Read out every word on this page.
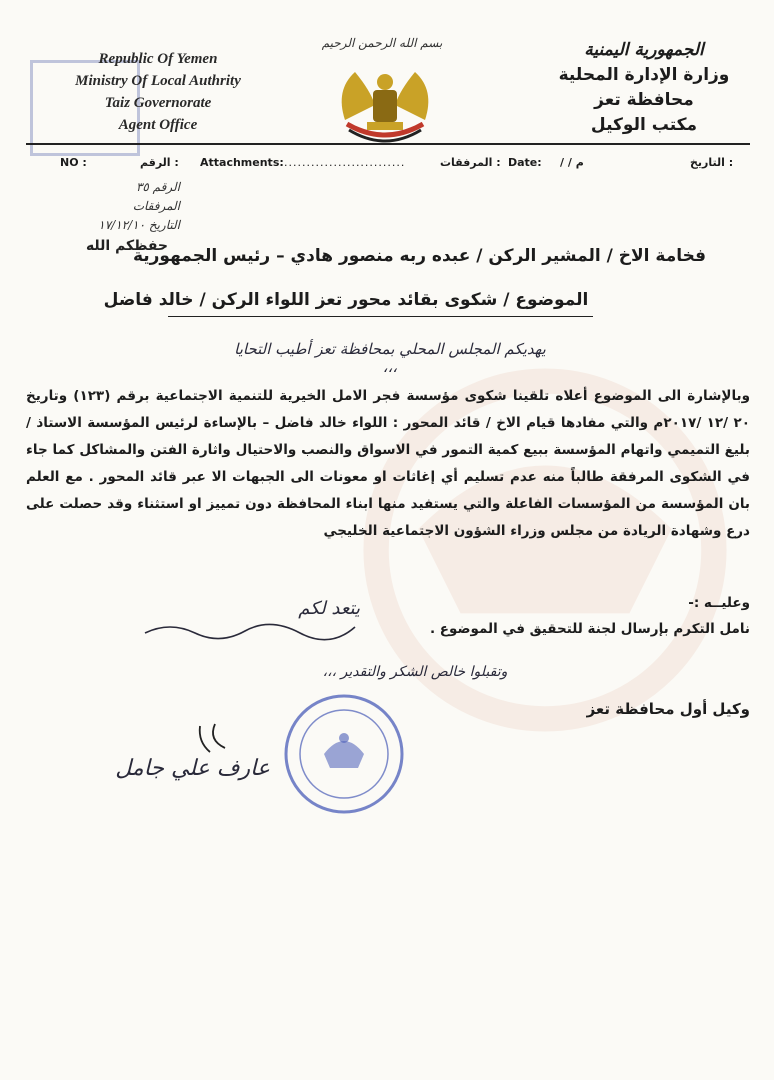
Republic Of Yemen
Ministry Of Local Authrity
Taiz Governorate
Agent Office
بسم الله الرحمن الرحيم	الجمهورية اليمنية
وزارة الإدارة المحلية
محافظة تعز
مكتب الوكيل
NO :	الرقم : Attachments:
.............................	المرفقات : Date: / / م	التاريخ :
الرقم ٣٥
المرفقات
التاريخ ١٧/١٢/١٠
فخامة الاخ / المشير الركن / عبده ربه منصور هادي – رئيس الجمهورية
حفظكم الله
الموضوع / شكوى بقائد محور تعز اللواء الركن / خالد فاضل
يهديكم المجلس المحلي بمحافظة تعز أطيب التحايا ،،،

وبالإشارة الى الموضوع أعلاه تلقينا شكوى مؤسسة فجر الامل الخيرية للتنمية الاجتماعية برقم (١٢٣) وتاريخ ٢٠ /١٢ /٢٠١٧م والتي مفادها قيام الاخ / قائد المحور : اللواء خالد فاضل – بالإساءة لرئيس المؤسسة الاستاذ / بليغ التميمي واتهام المؤسسة ببيع كمية التمور في الاسواق والنصب والاحتيال واثارة الفتن والمشاكل كما جاء في الشكوى المرفقة طالباً منه عدم تسليم أي إغاثات او معونات الى الجبهات الا عبر قائد المحور . مع العلم بان المؤسسة من المؤسسات الفاعلة والتي يستفيد منها ابناء المحافظة دون تمييز او استثناء وقد حصلت على درع وشهادة الريادة من مجلس وزراء الشؤون الاجتماعية الخليجي

وعليــه :-
نامل التكرم بإرسال لجنة للتحقيق في الموضوع .
يتعد لكم
وتقبلوا خالص الشكر والتقدير ،،،
وكيل أول محافظة تعز
عارف علي جامل
